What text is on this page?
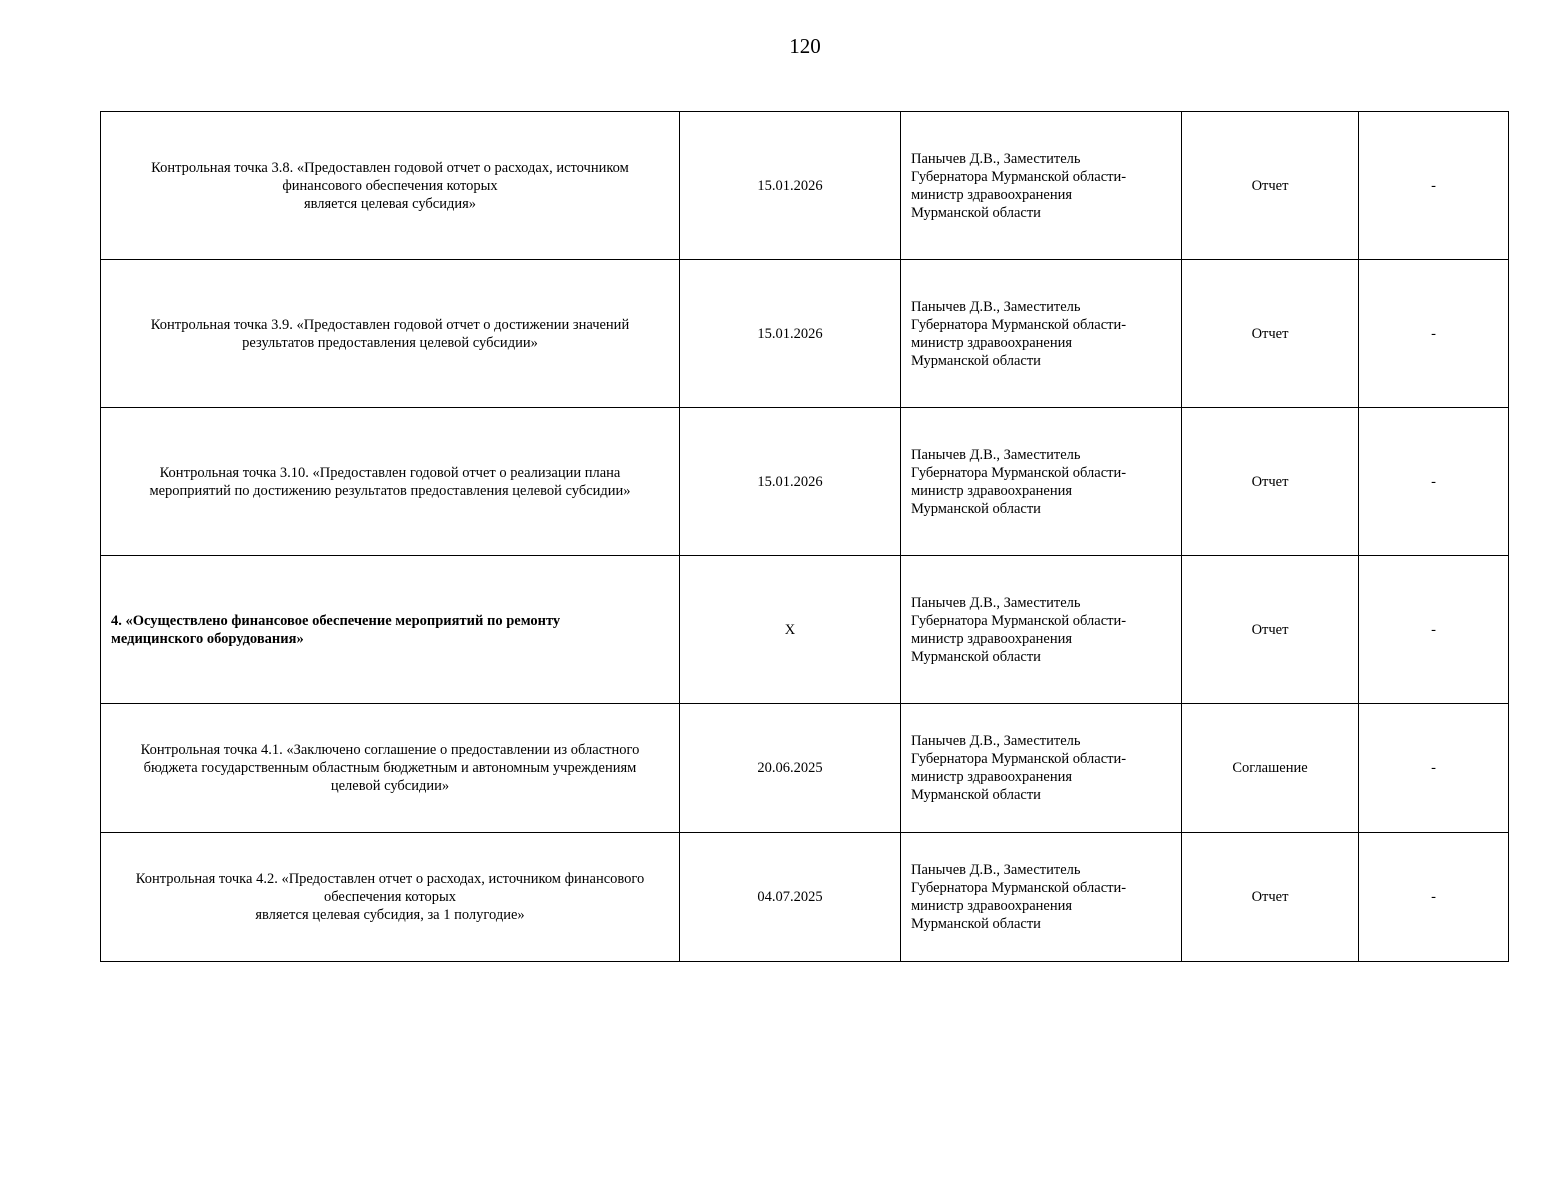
120
Контрольная точка 3.8. «Предоставлен годовой отчет о расходах, источником
финансового обеспечения которых
является целевая субсидия»	15.01.2026	Панычев Д.В., Заместитель
Губернатора Мурманской области-
министр здравоохранения
Мурманской области	Отчет	-

Контрольная точка 3.9. «Предоставлен годовой отчет о достижении значений
результатов предоставления целевой субсидии»	15.01.2026	Панычев Д.В., Заместитель
Губернатора Мурманской области-
министр здравоохранения
Мурманской области	Отчет	-

Контрольная точка 3.10. «Предоставлен годовой отчет о реализации плана
мероприятий по достижению результатов предоставления целевой субсидии»	15.01.2026	Панычев Д.В., Заместитель
Губернатора Мурманской области-
министр здравоохранения
Мурманской области	Отчет	-

4. «Осуществлено финансовое обеспечение мероприятий по ремонту
медицинского оборудования»	X	Панычев Д.В., Заместитель
Губернатора Мурманской области-
министр здравоохранения
Мурманской области	Отчет	-

Контрольная точка 4.1. «Заключено соглашение о предоставлении из областного
бюджета государственным областным бюджетным и автономным учреждениям
целевой субсидии»	20.06.2025	Панычев Д.В., Заместитель
Губернатора Мурманской области-
министр здравоохранения
Мурманской области	Соглашение	-

Контрольная точка 4.2. «Предоставлен отчет о расходах, источником финансового
обеспечения которых
является целевая субсидия, за 1 полугодие»	04.07.2025	Панычев Д.В., Заместитель
Губернатора Мурманской области-
министр здравоохранения
Мурманской области	Отчет	-
